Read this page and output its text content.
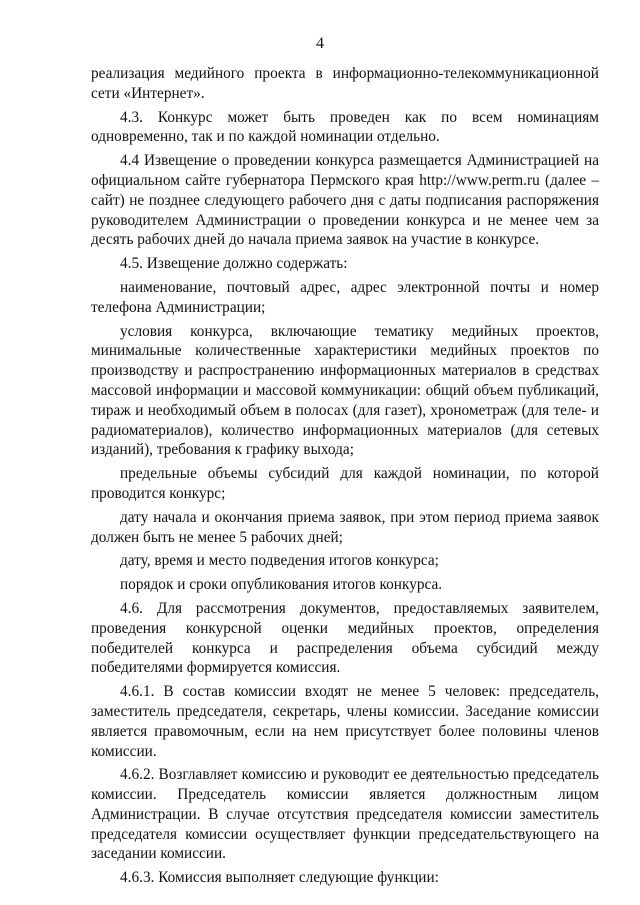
4

реализация медийного проекта в информационно-телекоммуникационной сети «Интернет».

4.3. Конкурс может быть проведен как по всем номинациям одновременно, так и по каждой номинации отдельно.

4.4 Извещение о проведении конкурса размещается Администрацией на официальном сайте губернатора Пермского края http://www.perm.ru (далее – сайт) не позднее следующего рабочего дня с даты подписания распоряжения руководителем Администрации о проведении конкурса и не менее чем за десять рабочих дней до начала приема заявок на участие в конкурсе.

4.5. Извещение должно содержать:

наименование, почтовый адрес, адрес электронной почты и номер телефона Администрации;

условия конкурса, включающие тематику медийных проектов, минимальные количественные характеристики медийных проектов по производству и распространению информационных материалов в средствах массовой информации и массовой коммуникации: общий объем публикаций, тираж и необходимый объем в полосах (для газет), хронометраж (для теле- и радиоматериалов), количество информационных материалов (для сетевых изданий), требования к графику выхода;

предельные объемы субсидий для каждой номинации, по которой проводится конкурс;

дату начала и окончания приема заявок, при этом период приема заявок должен быть не менее 5 рабочих дней;

дату, время и место подведения итогов конкурса;

порядок и сроки опубликования итогов конкурса.

4.6. Для рассмотрения документов, предоставляемых заявителем, проведения конкурсной оценки медийных проектов, определения победителей конкурса и распределения объема субсидий между победителями формируется комиссия.

4.6.1. В состав комиссии входят не менее 5 человек: председатель, заместитель председателя, секретарь, члены комиссии. Заседание комиссии является правомочным, если на нем присутствует более половины членов комиссии.

4.6.2. Возглавляет комиссию и руководит ее деятельностью председатель комиссии. Председатель комиссии является должностным лицом Администрации. В случае отсутствия председателя комиссии заместитель председателя комиссии осуществляет функции председательствующего на заседании комиссии.

4.6.3. Комиссия выполняет следующие функции:
